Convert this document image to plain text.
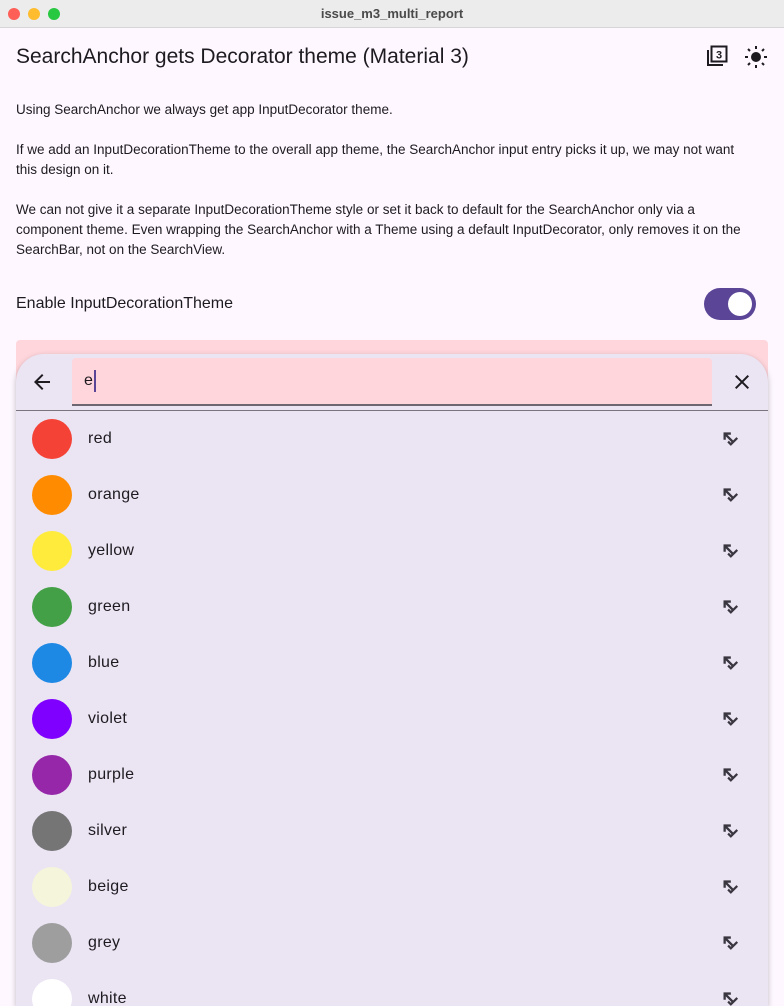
issue_m3_multi_report
SearchAnchor gets Decorator theme (Material 3)	3

Using SearchAnchor we always get app InputDecorator theme.

If we add an InputDecorationTheme to the overall app theme, the SearchAnchor input entry picks it up, we may not want this design on it.

We can not give it a separate InputDecorationTheme style or set it back to default for the SearchAnchor only via a component theme. Even wrapping the SearchAnchor with a Theme using a default InputDecorator, only removes it on the SearchBar, not on the SearchView.

Enable InputDecorationTheme
e
red
orange
yellow
green
blue
violet
purple
silver
beige
grey
white
